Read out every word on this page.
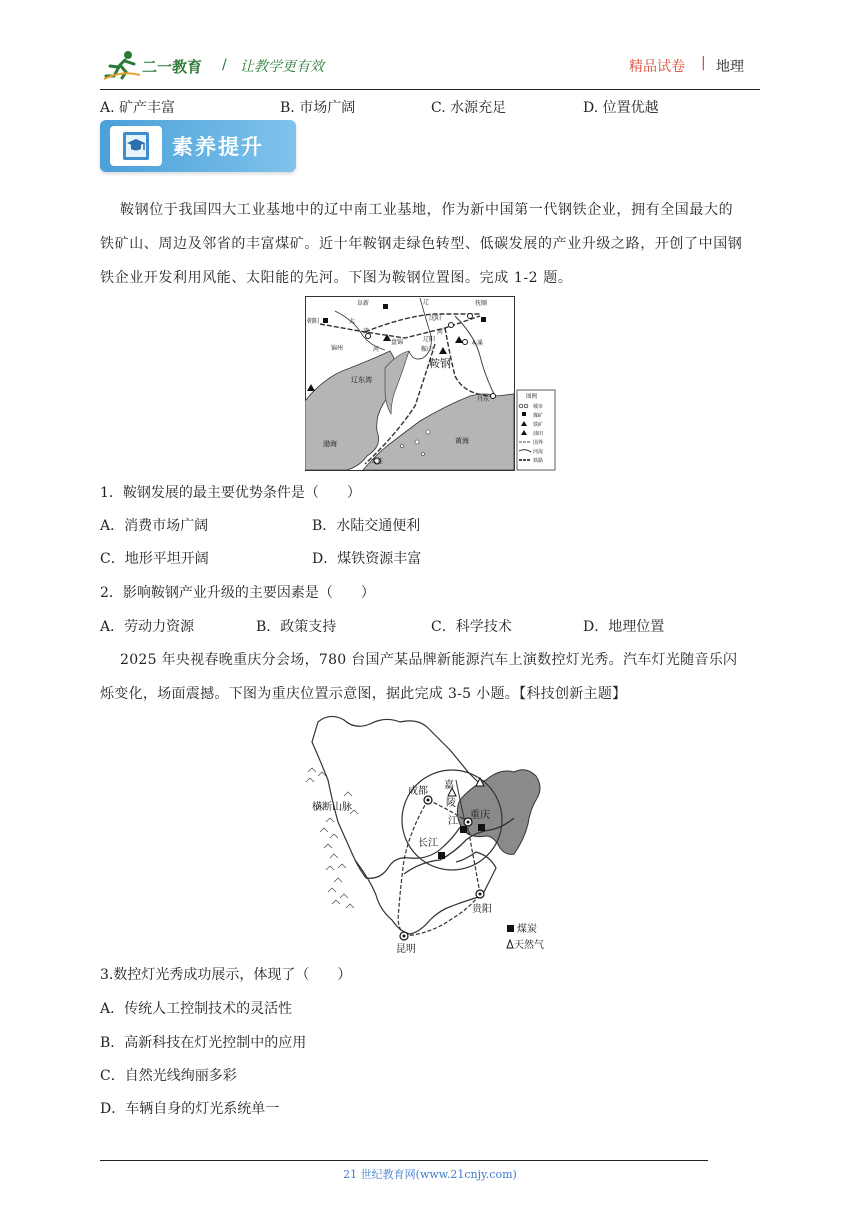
二一教育 / 让教学更有效	精品试卷 | 地理
A. 矿产丰富	B. 市场广阔	C. 水源充足	D. 位置优越
素养提升
鞍钢位于我国四大工业基地中的辽中南工业基地，作为新中国第一代钢铁企业，拥有全国最大的
铁矿山、周边及邻省的丰富煤矿。近十年鞍钢走绿色转型、低碳发展的产业升级之路，开创了中国钢
铁企业开发利用风能、太阳能的先河。下图为鞍钢位置图。完成 1-2 题。
阜新	抚顺
朝阳	沈阳
锦州
盘锦	辽阳
本溪
鞍山
丹东
大连
大
凌
河
辽
河
辽东湾
渤海	黄海
鞍钢
图例
城市
煤矿
铁矿
油田
国界
河流
铁路
1．鞍钢发展的最主要优势条件是（　　）
A．消费市场广阔	B．水陆交通便利
C．地形平坦开阔	D．煤铁资源丰富
2．影响鞍钢产业升级的主要因素是（　　）
A．劳动力资源	B．政策支持	C．科学技术	D．地理位置
2025 年央视春晚重庆分会场，780 台国产某品牌新能源汽车上演数控灯光秀。汽车灯光随音乐闪
烁变化，场面震撼。下图为重庆位置示意图，据此完成 3-5 小题。【科技创新主题】
横断山脉
成都
嘉
陵
江
重庆
长江
贵阳
昆明
煤炭
天然气
3.数控灯光秀成功展示，体现了（　　）
A．传统人工控制技术的灵活性
B．高新科技在灯光控制中的应用
C．自然光线绚丽多彩
D．车辆自身的灯光系统单一
21 世纪教育网(www.21cnjy.com)
